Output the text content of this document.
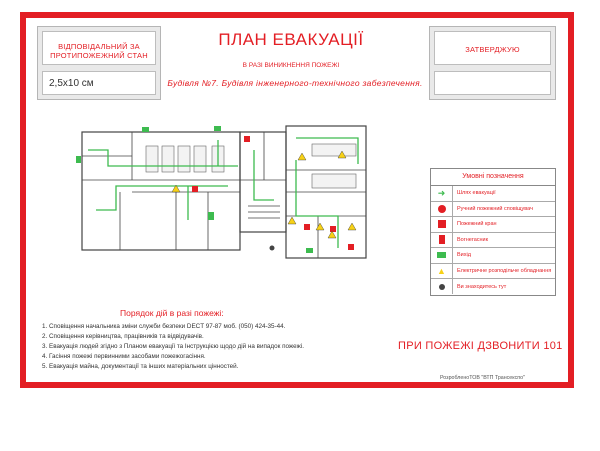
ВІДПОВІДАЛЬНИЙ ЗА
ПРОТИПОЖЕЖНИЙ СТАН
2,5х10 см
ЗАТВЕРДЖУЮ
ПЛАН ЕВАКУАЦІЇ
В РАЗІ ВИНИКНЕННЯ ПОЖЕЖІ
Будівля №7. Будівля інженерного-технічного забезпечення.
Умовні позначення
➜	Шлях евакуації
Ручний пожежний сповіщувач
Пожежний кран
Вогнегасник
Вихід
▲	Електричне розподільче обладнання
Ви знаходитесь тут
Порядок дій в разі пожежі:
1. Сповіщення начальника зміни служби безпеки DECT 97-87 моб. (050) 424-35-44.
2. Сповіщення керівництва, працівників та відвідувачів.
3. Евакуація людей згідно з Планом евакуації та Інструкцією щодо дій на випадок пожежі.
4. Гасіння пожежі первинними засобами пожежогасіння.
5. Евакуація майна, документації та інших матеріальних цінностей.
ПРИ ПОЖЕЖІ ДЗВОНИТИ 101
РозробленоТОВ "ВТП Трансекспо"
